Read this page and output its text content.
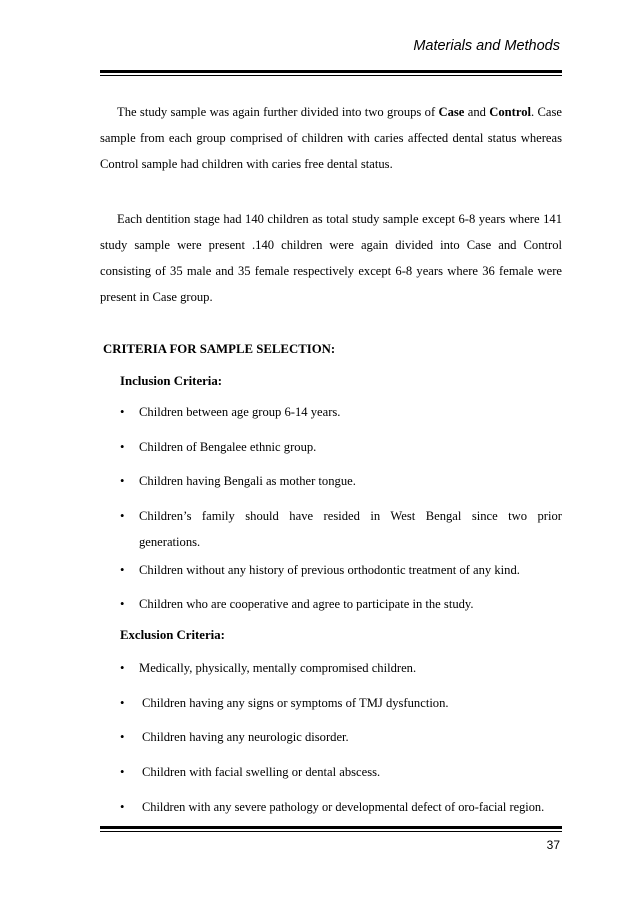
Materials and Methods
The study sample was again further divided into two groups of Case and Control. Case sample from each group comprised of children with caries affected dental status whereas Control sample had children with caries free dental status.
Each dentition stage had 140 children as total study sample except 6-8 years where 141 study sample were present .140 children were again divided into Case and Control consisting of 35 male and 35 female respectively except 6-8 years where 36 female were present in Case group.
CRITERIA FOR SAMPLE SELECTION:
Inclusion Criteria:
• Children between age group 6-14 years.
• Children of Bengalee ethnic group.
• Children having Bengali as mother tongue.
• Children’s  family  should  have  resided  in  West  Bengal  since  two  prior generations.
• Children without any history of previous orthodontic treatment of any kind.
• Children who are cooperative and agree to participate in the study.
Exclusion Criteria:
• Medically, physically, mentally compromised children.
• Children having any signs or symptoms of TMJ dysfunction.
• Children having any neurologic disorder.
• Children with facial swelling or dental abscess.
• Children with any severe pathology or developmental defect of oro-facial region.
37
